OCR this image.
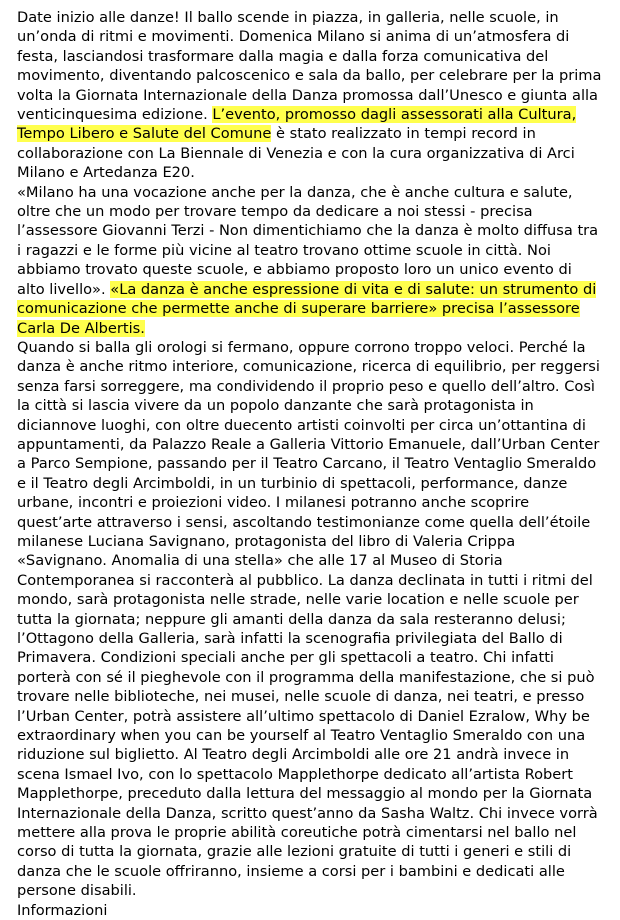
Date inizio alle danze! Il ballo scende in piazza, in galleria, nelle scuole, in un’onda di ritmi e movimenti. Domenica Milano si anima di un’atmosfera di festa, lasciandosi trasformare dalla magia e dalla forza comunicativa del movimento, diventando palcoscenico e sala da ballo, per celebrare per la prima volta la Giornata Internazionale della Danza promossa dall’Unesco e giunta alla venticinquesima edizione. L’evento, promosso dagli assessorati alla Cultura, Tempo Libero e Salute del Comune è stato realizzato in tempi record in collaborazione con La Biennale di Venezia e con la cura organizzativa di Arci Milano e Artedanza E20.

«Milano ha una vocazione anche per la danza, che è anche cultura e salute, oltre che un modo per trovare tempo da dedicare a noi stessi - precisa l’assessore Giovanni Terzi - Non dimentichiamo che la danza è molto diffusa tra i ragazzi e le forme più vicine al teatro trovano ottime scuole in città. Noi abbiamo trovato queste scuole, e abbiamo proposto loro un unico evento di alto livello». «La danza è anche espressione di vita e di salute: un strumento di comunicazione che permette anche di superare barriere» precisa l’assessore Carla De Albertis.

Quando si balla gli orologi si fermano, oppure corrono troppo veloci. Perché la danza è anche ritmo interiore, comunicazione, ricerca di equilibrio, per reggersi senza farsi sorreggere, ma condividendo il proprio peso e quello dell’altro. Così la città si lascia vivere da un popolo danzante che sarà protagonista in diciannove luoghi, con oltre duecento artisti coinvolti per circa un’ottantina di appuntamenti, da Palazzo Reale a Galleria Vittorio Emanuele, dall’Urban Center a Parco Sempione, passando per il Teatro Carcano, il Teatro Ventaglio Smeraldo e il Teatro degli Arcimboldi, in un turbinio di spettacoli, performance, danze urbane, incontri e proiezioni video. I milanesi potranno anche scoprire quest’arte attraverso i sensi, ascoltando testimonianze come quella dell’étoile milanese Luciana Savignano, protagonista del libro di Valeria Crippa «Savignano. Anomalia di una stella» che alle 17 al Museo di Storia Contemporanea si racconterà al pubblico. La danza declinata in tutti i ritmi del mondo, sarà protagonista nelle strade, nelle varie location e nelle scuole per tutta la giornata; neppure gli amanti della danza da sala resteranno delusi; l’Ottagono della Galleria, sarà infatti la scenografia privilegiata del Ballo di Primavera. Condizioni speciali anche per gli spettacoli a teatro. Chi infatti porterà con sé il pieghevole con il programma della manifestazione, che si può trovare nelle biblioteche, nei musei, nelle scuole di danza, nei teatri, e presso l’Urban Center, potrà assistere all’ultimo spettacolo di Daniel Ezralow, Why be extraordinary when you can be yourself al Teatro Ventaglio Smeraldo con una riduzione sul biglietto. Al Teatro degli Arcimboldi alle ore 21 andrà invece in scena Ismael Ivo, con lo spettacolo Mapplethorpe dedicato all’artista Robert Mapplethorpe, preceduto dalla lettura del messaggio al mondo per la Giornata Internazionale della Danza, scritto quest’anno da Sasha Waltz. Chi invece vorrà mettere alla prova le proprie abilità coreutiche potrà cimentarsi nel ballo nel corso di tutta la giornata, grazie alle lezioni gratuite di tutti i generi e stili di danza che le scuole offriranno, insieme a corsi per i bambini e dedicati alle persone disabili.

Informazioni
